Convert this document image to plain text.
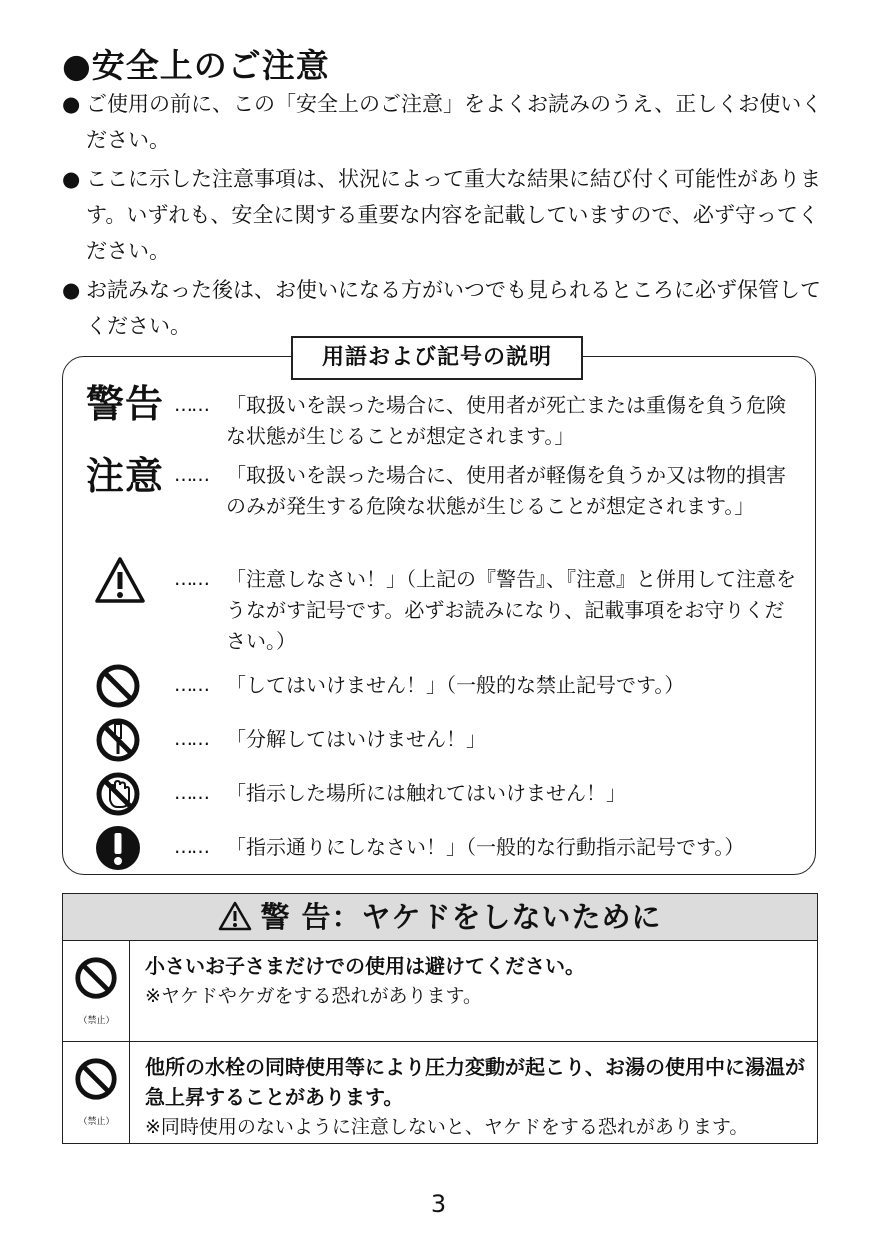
●安全上のご注意
● ご使用の前に、この「安全上のご注意」をよくお読みのうえ、正しくお使いください。
● ここに示した注意事項は、状況によって重大な結果に結び付く可能性があります。いずれも、安全に関する重要な内容を記載していますので、必ず守ってください。
● お読みなった後は、お使いになる方がいつでも見られるところに必ず保管してください。
用語および記号の説明
警告 …… 「取扱いを誤った場合に、使用者が死亡または重傷を負う危険な状態が生じることが想定されます。」
注意 …… 「取扱いを誤った場合に、使用者が軽傷を負うか又は物的損害のみが発生する危険な状態が生じることが想定されます。」
…… 「注意しなさい！」（上記の『警告』、『注意』と併用して注意をうながす記号です。必ずお読みになり、記載事項をお守りください。）
…… 「してはいけません！」（一般的な禁止記号です。）
…… 「分解してはいけません！」
…… 「指示した場所には触れてはいけません！」
…… 「指示通りにしなさい！」（一般的な行動指示記号です。）
警 告：ヤケドをしないために
（禁止）
小さいお子さまだけでの使用は避けてください。
※ヤケドやケガをする恐れがあります。
（禁止）
他所の水栓の同時使用等により圧力変動が起こり、お湯の使用中に湯温が急上昇することがあります。
※同時使用のないように注意しないと、ヤケドをする恐れがあります。
3
